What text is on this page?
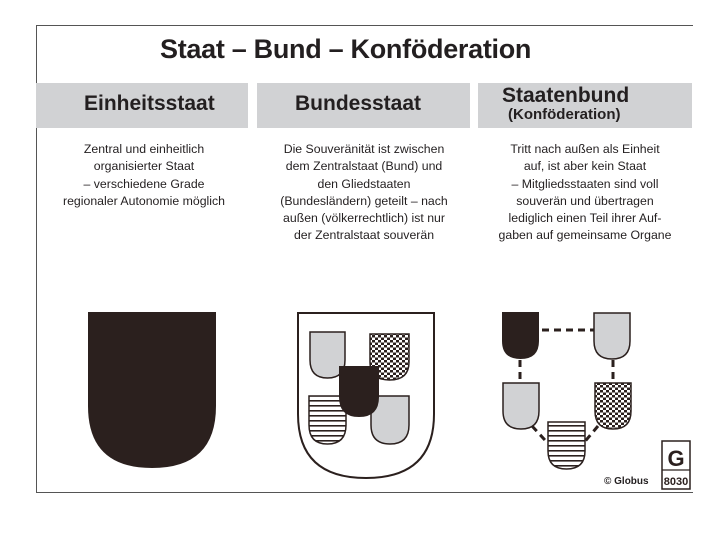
Staat – Bund – Konföderation
Einheitsstaat	Bundesstaat	Staatenbund
(Konföderation)
Zentral und einheitlich
organisierter Staat
– verschiedene Grade
regionaler Autonomie möglich
Die Souveränität ist zwischen
dem Zentralstaat (Bund) und
den Gliedstaaten
(Bundesländern) geteilt – nach
außen (völkerrechtlich) ist nur
der Zentralstaat souverän
Tritt nach außen als Einheit
auf, ist aber kein Staat
– Mitgliedsstaaten sind voll
souverän und übertragen
lediglich einen Teil ihrer Auf-
gaben auf gemeinsame Organe
G
8030
© Globus
